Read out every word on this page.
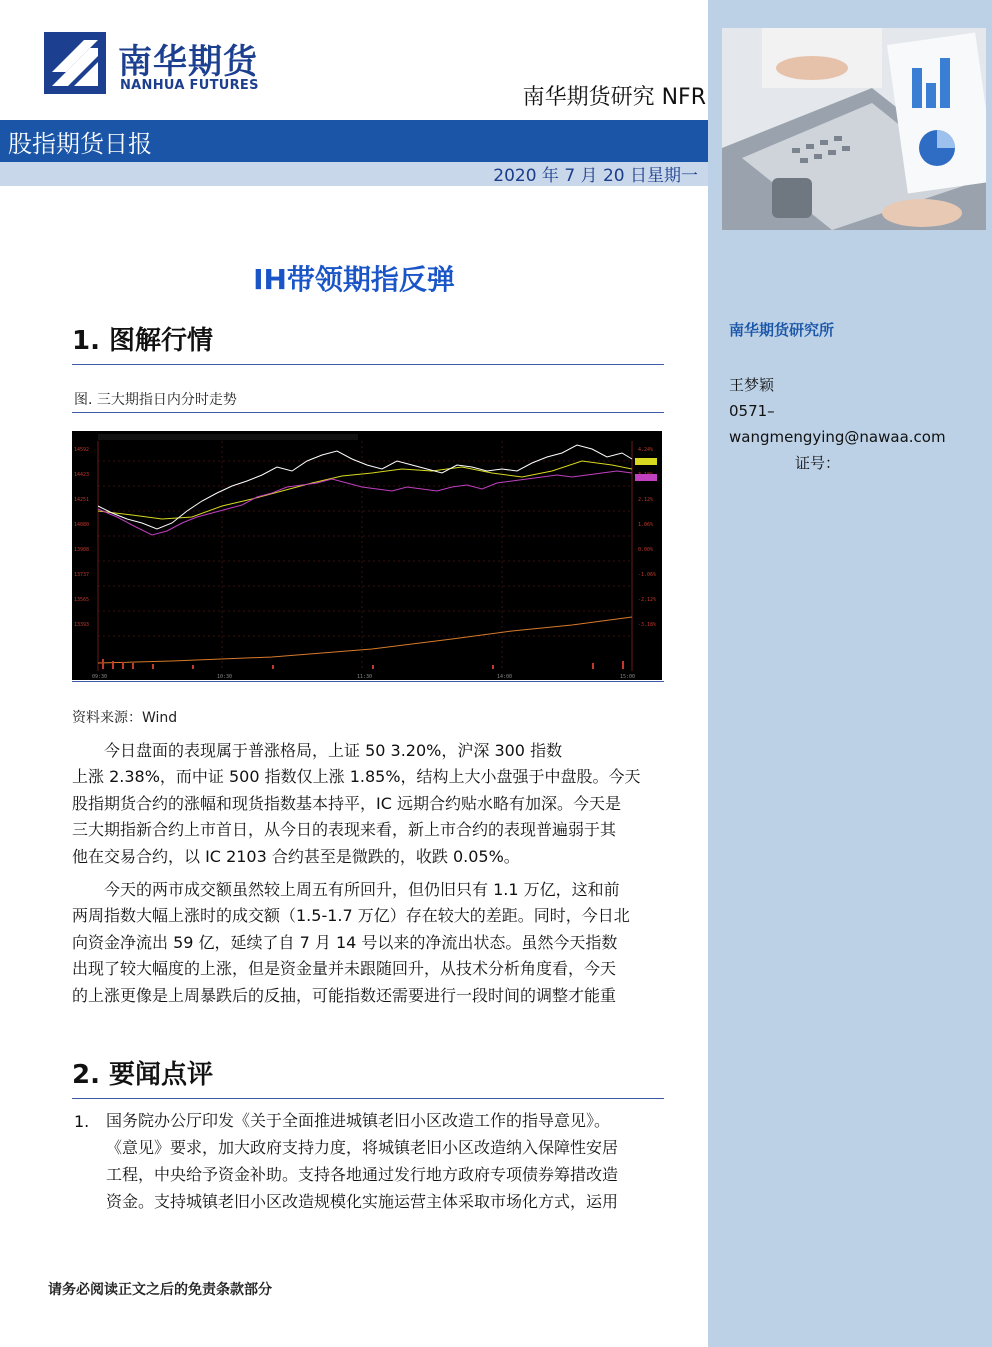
南华期货
NANHUA FUTURES	南华期货研究 NFR
股指期货日报
2020 年 7 月 20 日星期一
IH带领期指反弹
1. 图解行情
图. 三大期指日内分时走势
14592
14423
14251
14080
13908
13737
13565
13393
4.24%
2.12%
1.06%
0.00%
-1.06%
-2.12%
-3.18%
09:30	10:30	11:30	14:00	15:00
资料来源：Wind
今日盘面的表现属于普涨格局，上证 50 3.20%，沪深 300 指数
上涨 2.38%，而中证 500 指数仅上涨 1.85%，结构上大小盘强于中盘股。今天
股指期货合约的涨幅和现货指数基本持平，IC 远期合约贴水略有加深。今天是
三大期指新合约上市首日，从今日的表现来看，新上市合约的表现普遍弱于其
他在交易合约，以 IC 2103 合约甚至是微跌的，收跌 0.05%。
今天的两市成交额虽然较上周五有所回升，但仍旧只有 1.1 万亿，这和前
两周指数大幅上涨时的成交额（1.5-1.7 万亿）存在较大的差距。同时，今日北
向资金净流出 59 亿，延续了自 7 月 14 号以来的净流出状态。虽然今天指数
出现了较大幅度的上涨，但是资金量并未跟随回升，从技术分析角度看，今天
的上涨更像是上周暴跌后的反抽，可能指数还需要进行一段时间的调整才能重
2. 要闻点评
1. 国务院办公厅印发《关于全面推进城镇老旧小区改造工作的指导意见》。
《意见》要求，加大政府支持力度，将城镇老旧小区改造纳入保障性安居
工程，中央给予资金补助。支持各地通过发行地方政府专项债券筹措改造
资金。支持城镇老旧小区改造规模化实施运营主体采取市场化方式，运用
请务必阅读正文之后的免责条款部分
南华期货研究所
王梦颖
0571–
wangmengying@nawaa.com
证号：
